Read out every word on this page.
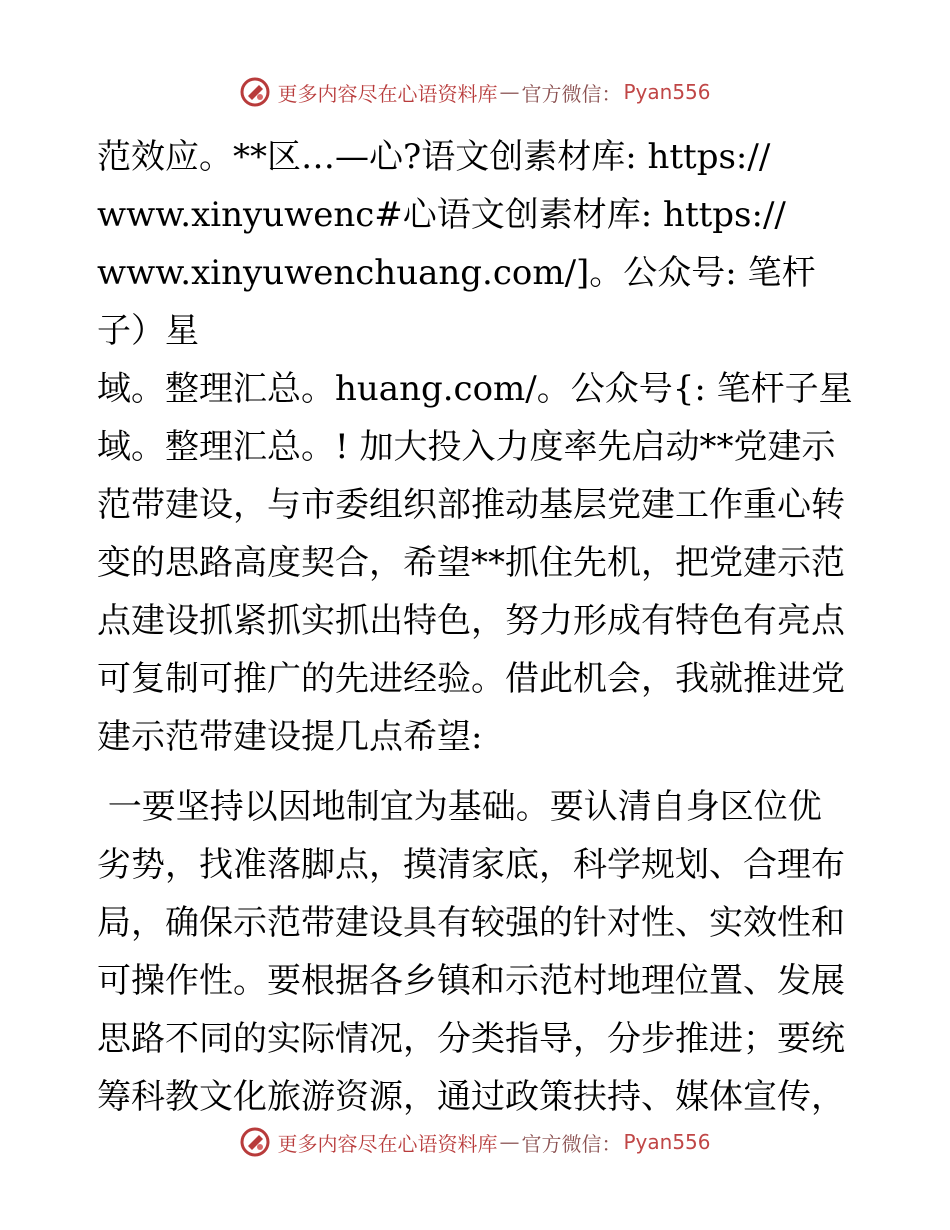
更多内容尽在心语资料库 — 官方微信： Pyan556

范效应。**区…—心?语文创素材库: https://
www.xinyuwenc#心语文创素材库: https://
www.xinyuwenchuang.com/]。公众号: 笔杆子）星
域。整理汇总。huang.com/。公众号{: 笔杆子星
域。整理汇总。! 加大投入力度率先启动**党建示
范带建设，与市委组织部推动基层党建工作重心转
变的思路高度契合，希望**抓住先机，把党建示范
点建设抓紧抓实抓出特色，努力形成有特色有亮点
可复制可推广的先进经验。借此机会，我就推进党
建示范带建设提几点希望:

一要坚持以因地制宜为基础。要认清自身区位优
劣势，找准落脚点，摸清家底，科学规划、合理布
局，确保示范带建设具有较强的针对性、实效性和
可操作性。要根据各乡镇和示范村地理位置、发展
思路不同的实际情况，分类指导，分步推进；要统
筹科教文化旅游资源，通过政策扶持、媒体宣传，

更多内容尽在心语资料库 — 官方微信： Pyan556
